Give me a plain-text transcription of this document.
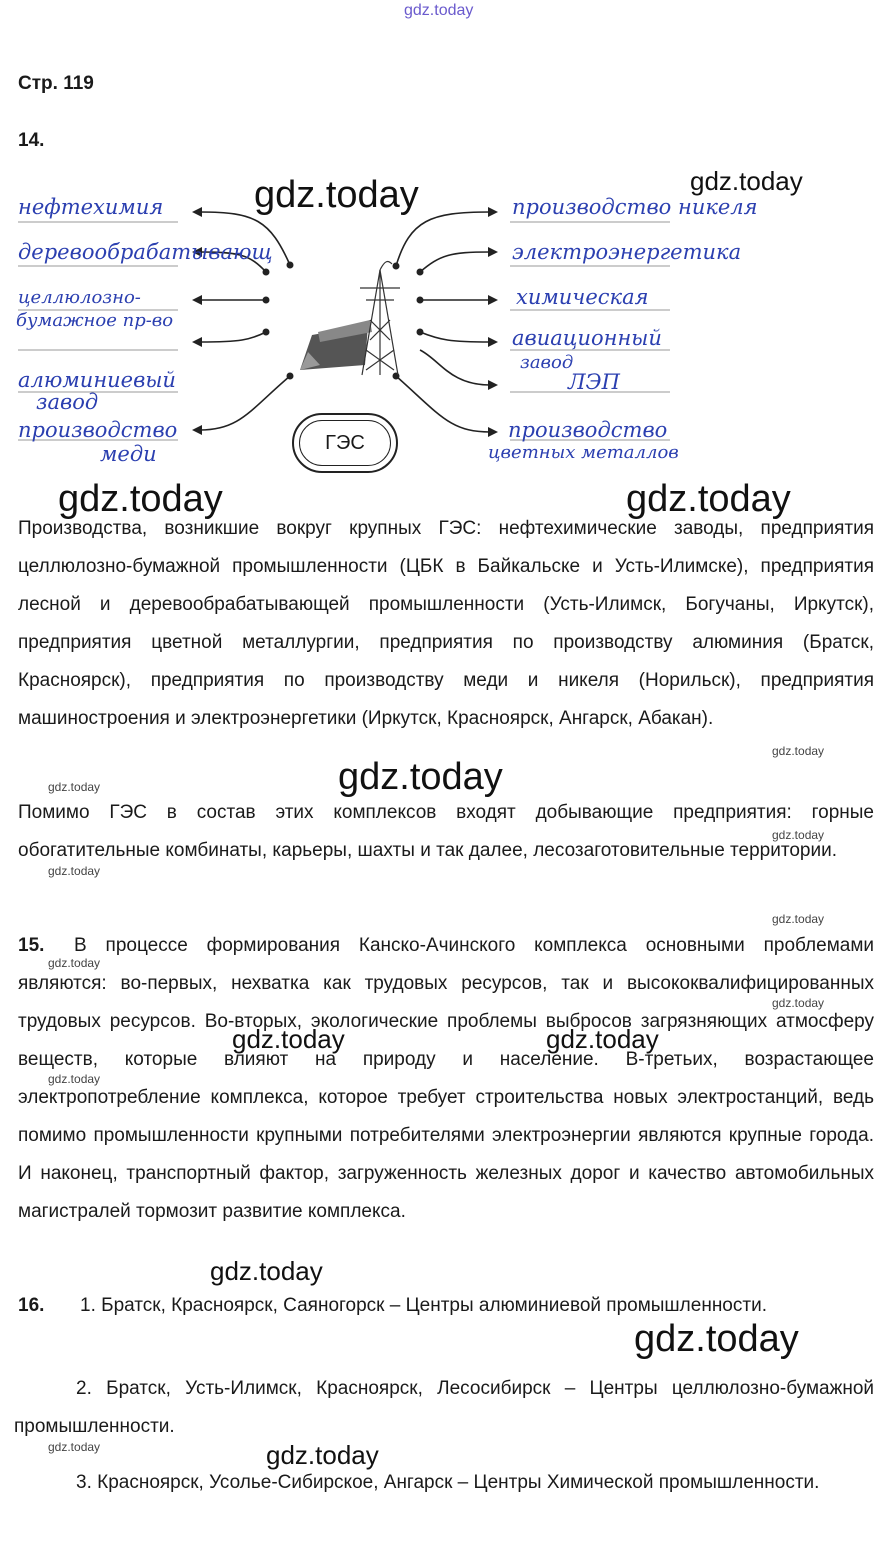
gdz.today
Стр. 119
14.
ГЭС
нефтехимия
деревообрабатывающ
целлюлозно-
бумажное пр-во
алюминиевый
завод
производство
меди
производство никеля
электроэнергетика
химическая
авиационный
завод
ЛЭП
производство
цветных металлов
gdz.today	gdz.today
gdz.today	gdz.today
Производства, возникшие вокруг крупных ГЭС: нефтехимические заводы, предприятия целлюлозно-бумажной промышленности (ЦБК в Байкальске и Усть-Илимске), предприятия лесной и деревообрабатывающей промышленности (Усть-Илимск, Богучаны, Иркутск), предприятия цветной металлургии, предприятия по производству алюминия (Братск, Красноярск), предприятия по производству меди и никеля (Норильск), предприятия машиностроения и электроэнергетики (Иркутск, Красноярск, Ангарск, Абакан).
gdz.today
gdz.today	gdz.today
Помимо ГЭС в состав этих комплексов входят добывающие предприятия: горные обогатительные комбинаты, карьеры, шахты и так далее, лесозаготовительные территории.
gdz.today
gdz.today
gdz.today
В процессе формирования Канско-Ачинского комплекса основными проблемами являются: во-первых, нехватка как трудовых ресурсов, так и высококвалифицированных трудовых ресурсов. Во-вторых, экологические проблемы выбросов загрязняющих атмосферу веществ, которые влияют на природу и население. В-третьих, возрастающее электропотребление комплекса, которое требует строительства новых электростанций, ведь помимо промышленности крупными потребителями электроэнергии являются крупные города. И наконец, транспортный фактор, загруженность железных дорог и качество автомобильных магистралей тормозит развитие комплекса.
15.
gdz.today
gdz.today
gdz.today	gdz.today
gdz.today
gdz.today
1. Братск, Красноярск, Саяногорск – Центры алюминиевой промышленности.
16.
gdz.today
2. Братск, Усть-Илимск, Красноярск, Лесосибирск – Центры целлюлозно-бумажной промышленности.
gdz.today	gdz.today
3. Красноярск, Усолье-Сибирское, Ангарск – Центры Химической промышленности.
